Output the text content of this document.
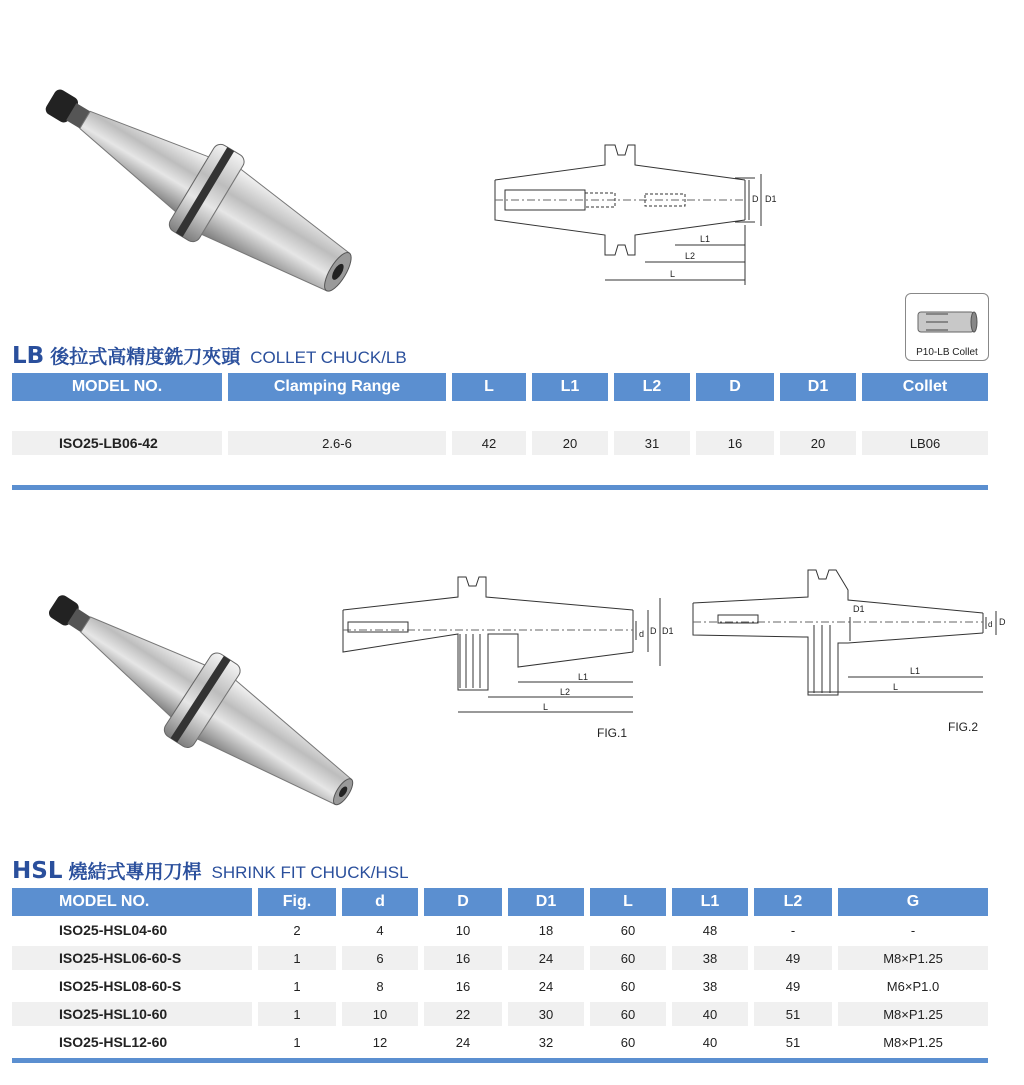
D D1
L1
L2
L
P10-LB Collet
LB 後拉式高精度銑刀夾頭 COLLET CHUCK/LB
MODEL NO.	Clamping Range	L	L1	L2	D	D1	Collet
ISO25-LB06-42	2.6-6	42	20	31	16	20	LB06
d D D1
L1
L2
L
FIG.1
D1
d D
L1
L
FIG.2
HSL 燒結式專用刀桿 SHRINK FIT CHUCK/HSL
MODEL NO.	Fig.	d	D	D1	L	L1	L2	G
ISO25-HSL04-60	2	4	10	18	60	48	-	-
ISO25-HSL06-60-S	1	6	16	24	60	38	49	M8×P1.25
ISO25-HSL08-60-S	1	8	16	24	60	38	49	M6×P1.0
ISO25-HSL10-60	1	10	22	30	60	40	51	M8×P1.25
ISO25-HSL12-60	1	12	24	32	60	40	51	M8×P1.25
